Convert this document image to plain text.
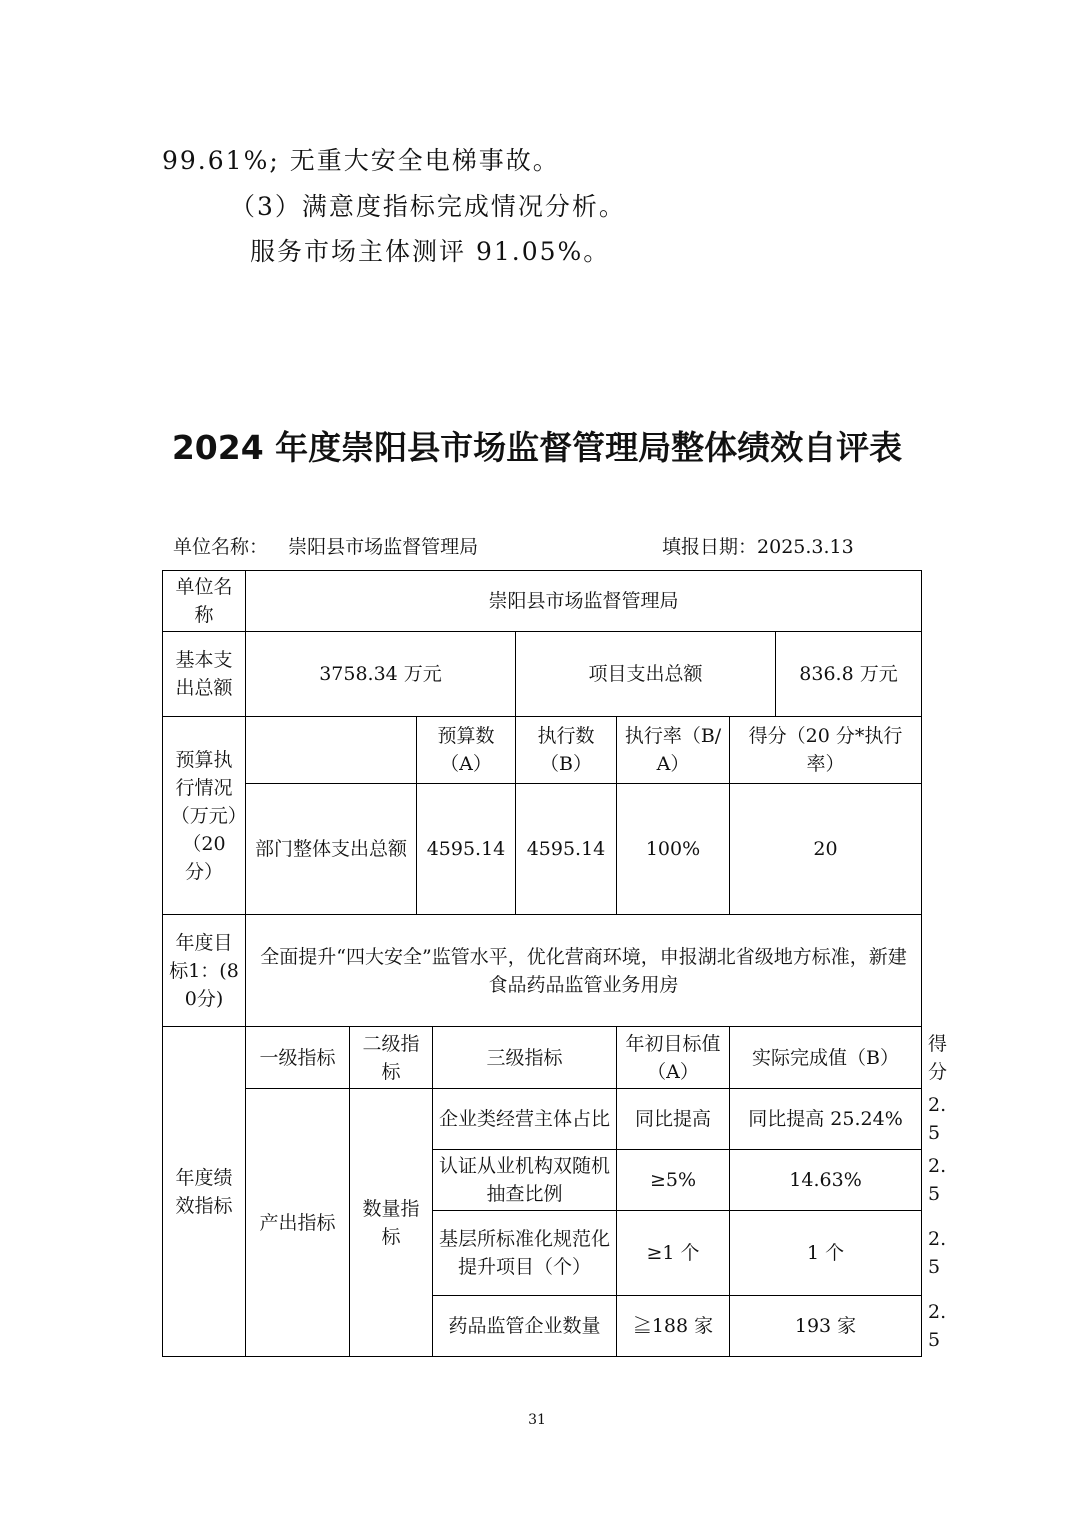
99.61%; 无重大安全电梯事故。
（3）满意度指标完成情况分析。
服务市场主体测评 91.05%。
2024 年度崇阳县市场监督管理局整体绩效自评表
单位名称： 崇阳县市场监督管理局	填报日期：2025.3.13
单位名称	崇阳县市场监督管理局								
基本支出总额	3758.34 万元				项目支出总额			836.8 万元	
预算执行情况（万元）（20 分）			预算数（A）		执行数（B）	执行率（B/A）	得分（20 分*执行率）		
	部门整体支出总额		4595.14		4595.14	100%	20		
年度目标1：(80分)	全面提升“四大安全”监管水平，优化营商环境，申报湖北省级地方标准，新建食品药品监管业务用房								
年度绩效指标	一级指标	二级指标		三级指标		年初目标值（A）	实际完成值（B）		得分
	产出指标	数量指标		企业类经营主体占比		同比提高	同比提高 25.24%		2.5
				认证从业机构双随机抽查比例		≥5%	14.63%		2.5
				基层所标准化规范化提升项目（个）		≥1 个	1 个		2.5
				药品监管企业数量		≧188 家	193 家		2.5
31
